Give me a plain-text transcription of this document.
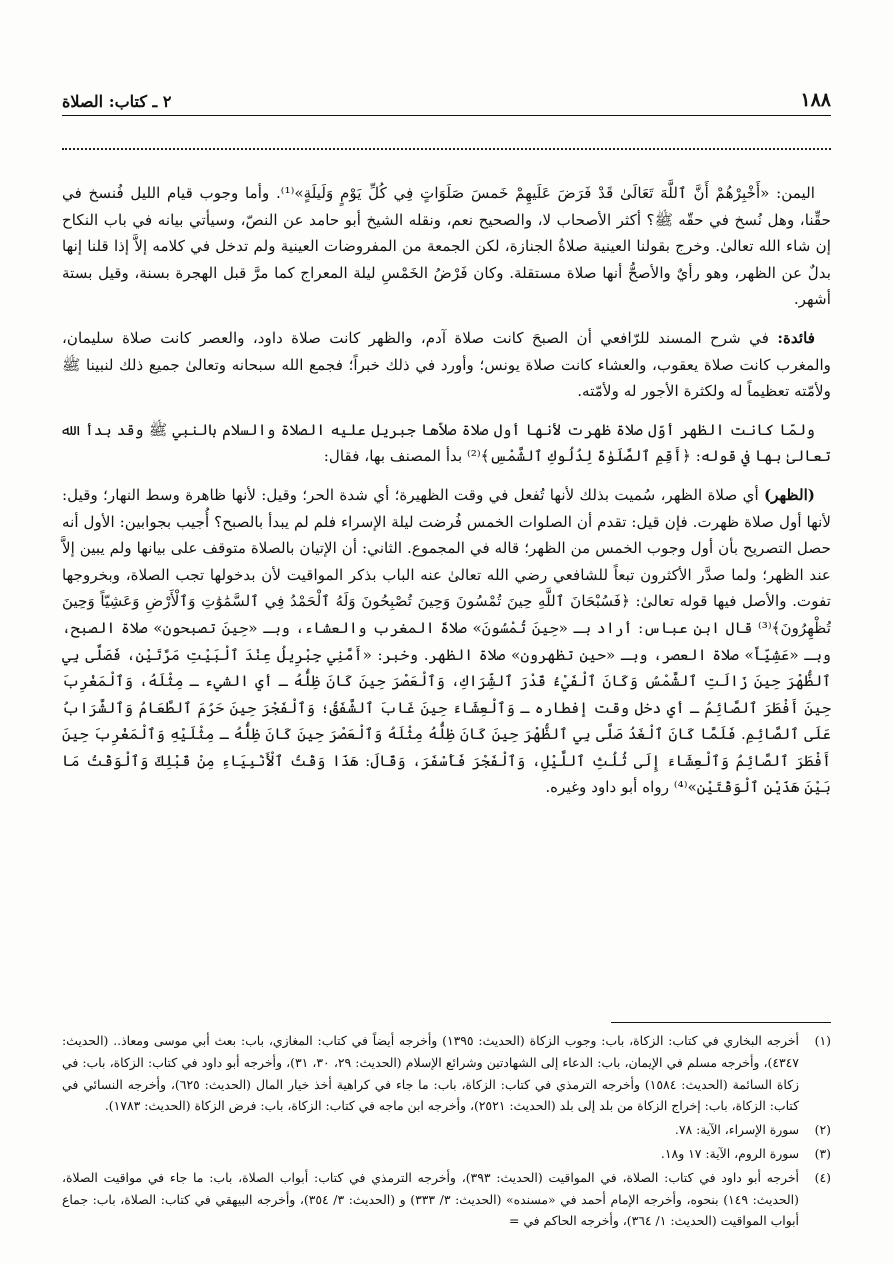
١٨٨
٢ ـ كتاب: الصلاة

اليمن: «أَخْبِرْهُمْ أَنَّ ٱللَّهَ تَعَالَىٰ قَدْ فَرَضَ عَلَيهِمْ خَمسَ صَلَوَاتٍ فِي كُلِّ يَوْمٍ وَلَيلَةٍ»⁽¹⁾. وأما وجوب قيام الليل فُنسخ في حقِّنا، وهل نُسخ في حقّه ﷺ؟ أكثر الأصحاب لا، والصحيح نعم، ونقله الشيخ أبو حامد عن النصّ، وسيأتي بيانه في باب النكاح إن شاء الله تعالىٰ. وخرج بقولنا العينية صلاةُ الجنازة، لكن الجمعة من المفروضات العينية ولم تدخل في كلامه إلاَّ إذا قلنا إنها بدلٌ عن الظهر، وهو رأيٌ والأصحُّ أنها صلاة مستقلة. وكان فَرْضُ الخَمْسِ ليلة المعراج كما مرَّ قبل الهجرة بسنة، وقيل بستة أشهر.

فائدة: في شرح المسند للرّافعي أن الصبحَ كانت صلاة آدم، والظهر كانت صلاة داود، والعصر كانت صلاة سليمان، والمغرب كانت صلاة يعقوب، والعشاء كانت صلاة يونس؛ وأورد في ذلك خبراً؛ فجمع الله سبحانه وتعالىٰ جميع ذلك لنبينا ﷺ ولأمّته تعظيماً له ولكثرة الأجور له ولأمّته.

ولمّا كانت الظهر أوّل صلاة ظهرت لأنها أول صلاة صلاّها جبريل عليه الصلاة والسلام بالنبي ﷺ وقد بدأ الله تعالىٰ بها في قوله: ﴿أَقِمِ ٱلصَّلَوٰةَ لِدُلُوكِ ٱلشَّمْسِ﴾⁽²⁾ بدأ المصنف بها، فقال:

(الظهر) أي صلاة الظهر، سُميت بذلك لأنها تُفعل في وقت الظهيرة؛ أي شدة الحر؛ وقيل: لأنها ظاهرة وسط النهار؛ وقيل: لأنها أول صلاة ظهرت. فإن قيل: تقدم أن الصلوات الخمس فُرضت ليلة الإسراء فلم لم يبدأ بالصبح؟ أُجيب بجوابين: الأول أنه حصل التصريح بأن أول وجوب الخمس من الظهر؛ قاله في المجموع. الثاني: أن الإتيان بالصلاة متوقف على بيانها ولم يبين إلاَّ عند الظهر؛ ولما صدَّر الأكثرون تبعاً للشافعي رضي الله تعالىٰ عنه الباب بذكر المواقيت لأن بدخولها تجب الصلاة، وبخروجها تفوت. والأصل فيها قوله تعالىٰ: ﴿فَسُبْحَانَ ٱللَّهِ حِينَ تُمْسُونَ وَحِينَ تُصْبِحُونَ وَلَهُ ٱلْحَمْدُ فِي ٱلسَّمَٰوَٰتِ وَٱلْأَرْضِ وَعَشِيّاً وَحِينَ تُظْهِرُونَ﴾⁽³⁾ قال ابن عباس: أراد بـ «حِينَ تُمْسُونَ» صلاةَ المغرب والعشاء، وبـ «حِينَ تصبحون» صلاة الصبح، وبـ «عَشِيّاً» صلاة العصر، وبـ «حين تظهرون» صلاة الظهر. وخبر: «أَمَّنِي جِبْرِيلُ عِنْدَ ٱلْبَيْتِ مَرَّتَيْنِ، فَصَلَّى بِي ٱلظُّهْرَ حِينَ زَالَتِ ٱلشَّمْسُ وَكَانَ ٱلْفَيْءُ قَدْرَ ٱلشِّرَاكِ، وَٱلْعَصْرَ حِينَ كَانَ ظِلُّهُ ـ أي الشيء ـ مِثْلَهُ، وَٱلْمَغْرِبَ حِينَ أَفْطَرَ ٱلصَّائِمُ ـ أي دخل وقت إفطاره ـ وَٱلْعِشَاءَ حِينَ غَابَ ٱلشَّفَقُ؛ وَٱلْفَجْرَ حِينَ حَرُمَ ٱلطَّعَامُ وَٱلشَّرَابُ عَلَى ٱلصَّائِمِ. فَلَمَّا كَانَ ٱلْغَدُ صَلَّى بِي ٱلظُّهْرَ حِينَ كَانَ ظِلُّهُ مِثْلَهُ وَٱلْعَصْرَ حِينَ كَانَ ظِلُّهُ ـ مِثْلَيْهِ وَٱلْمَغْرِبَ حِينَ أَفْطَرَ ٱلصَّائِمُ وَٱلْعِشَاءَ إِلَى ثُلُثِ ٱللَّيْلِ، وَٱلْفَجْرَ فَأَسْفَرَ، وَقَالَ: هَذَا وَقْتُ ٱلْأَنْبِيَاءِ مِنْ قَبْلِكَ وَٱلْوَقْتُ مَا بَيْنَ هَذَيْنِ ٱلْوَقْتَيْنِ»⁽⁴⁾ رواه أبو داود وغيره.

(١)
أخرجه البخاري في كتاب: الزكاة، باب: وجوب الزكاة (الحديث: ١٣٩٥) وأخرجه أيضاً في كتاب: المغازي، باب: بعث أبي موسى ومعاذ.. (الحديث: ٤٣٤٧)، وأخرجه مسلم في الإيمان، باب: الدعاء إلى الشهادتين وشرائع الإسلام (الحديث: ٢٩، ٣٠، ٣١)، وأخرجه أبو داود في كتاب: الزكاة، باب: في زكاة السائمة (الحديث: ١٥٨٤) وأخرجه الترمذي في كتاب: الزكاة، باب: ما جاء في كراهية أخذ خيار المال (الحديث: ٦٢٥)، وأخرجه النسائي في كتاب: الزكاة، باب: إخراج الزكاة من بلد إلى بلد (الحديث: ٢٥٢١)، وأخرجه ابن ماجه في كتاب: الزكاة، باب: فرض الزكاة (الحديث: ١٧٨٣).
(٢)
سورة الإسراء، الآية: ٧٨.
(٣)
سورة الروم، الآية: ١٧ و١٨.
(٤)
أخرجه أبو داود في كتاب: الصلاة، في المواقيت (الحديث: ٣٩٣)، وأخرجه الترمذي في كتاب: أبواب الصلاة، باب: ما جاء في مواقيت الصلاة، (الحديث: ١٤٩) بنحوه، وأخرجه الإمام أحمد في «مسنده» (الحديث: ٣/ ٣٣٣) و (الحديث: ٣/ ٣٥٤)، وأخرجه البيهقي في كتاب: الصلاة، باب: جماع أبواب المواقيت (الحديث: ١/ ٣٦٤)، وأخرجه الحاكم في =
